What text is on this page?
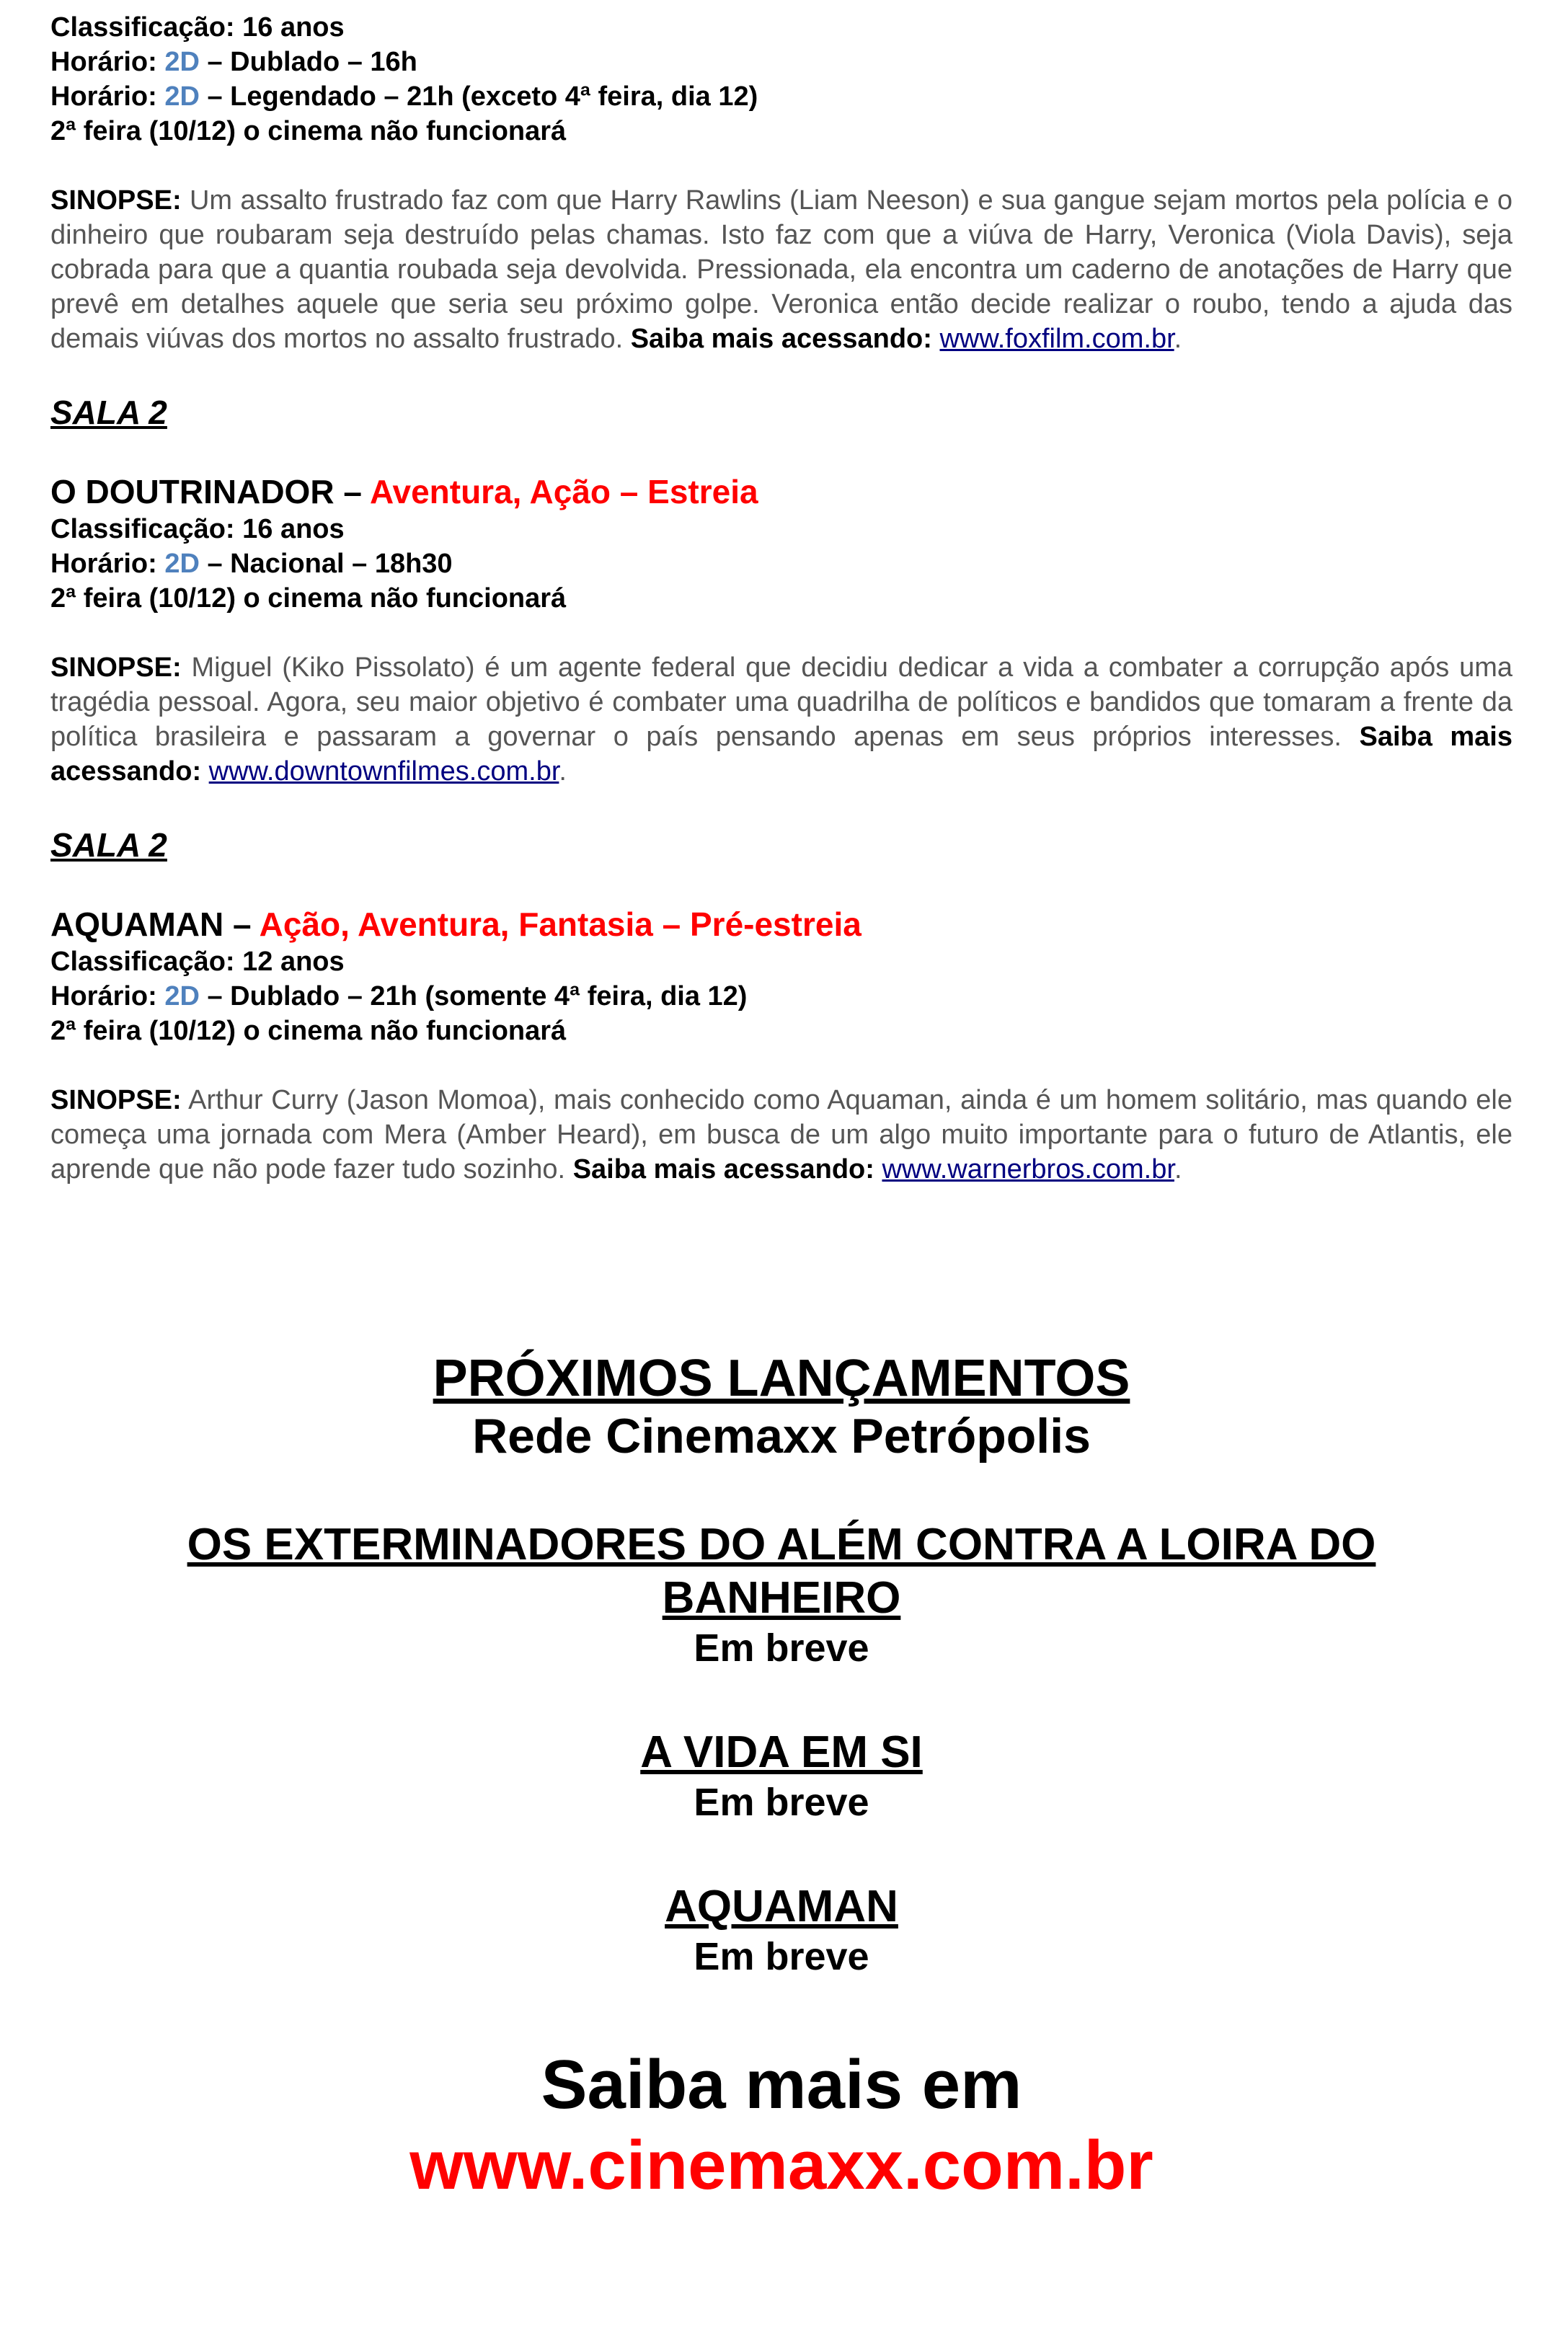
Classificação: 16 anos
Horário: 2D – Dublado – 16h
Horário: 2D – Legendado – 21h (exceto 4ª feira, dia 12)
2ª feira (10/12) o cinema não funcionará

SINOPSE: Um assalto frustrado faz com que Harry Rawlins (Liam Neeson) e sua gangue sejam mortos pela polícia e o dinheiro que roubaram seja destruído pelas chamas. Isto faz com que a viúva de Harry, Veronica (Viola Davis), seja cobrada para que a quantia roubada seja devolvida. Pressionada, ela encontra um caderno de anotações de Harry que prevê em detalhes aquele que seria seu próximo golpe. Veronica então decide realizar o roubo, tendo a ajuda das demais viúvas dos mortos no assalto frustrado. Saiba mais acessando: www.foxfilm.com.br.

SALA 2

O DOUTRINADOR – Aventura, Ação – Estreia
Classificação: 16 anos
Horário: 2D – Nacional – 18h30
2ª feira (10/12) o cinema não funcionará

SINOPSE: Miguel (Kiko Pissolato) é um agente federal que decidiu dedicar a vida a combater a corrupção após uma tragédia pessoal. Agora, seu maior objetivo é combater uma quadrilha de políticos e bandidos que tomaram a frente da política brasileira e passaram a governar o país pensando apenas em seus próprios interesses. Saiba mais acessando: www.downtownfilmes.com.br.

SALA 2

AQUAMAN – Ação, Aventura, Fantasia – Pré-estreia
Classificação: 12 anos
Horário: 2D – Dublado – 21h (somente 4ª feira, dia 12)
2ª feira (10/12) o cinema não funcionará

SINOPSE: Arthur Curry (Jason Momoa), mais conhecido como Aquaman, ainda é um homem solitário, mas quando ele começa uma jornada com Mera (Amber Heard), em busca de um algo muito importante para o futuro de Atlantis, ele aprende que não pode fazer tudo sozinho. Saiba mais acessando: www.warnerbros.com.br.

PRÓXIMOS LANÇAMENTOS
Rede Cinemaxx Petrópolis
OS EXTERMINADORES DO ALÉM CONTRA A LOIRA DO
BANHEIRO
Em breve
A VIDA EM SI
Em breve
AQUAMAN
Em breve
Saiba mais em
www.cinemaxx.com.br
